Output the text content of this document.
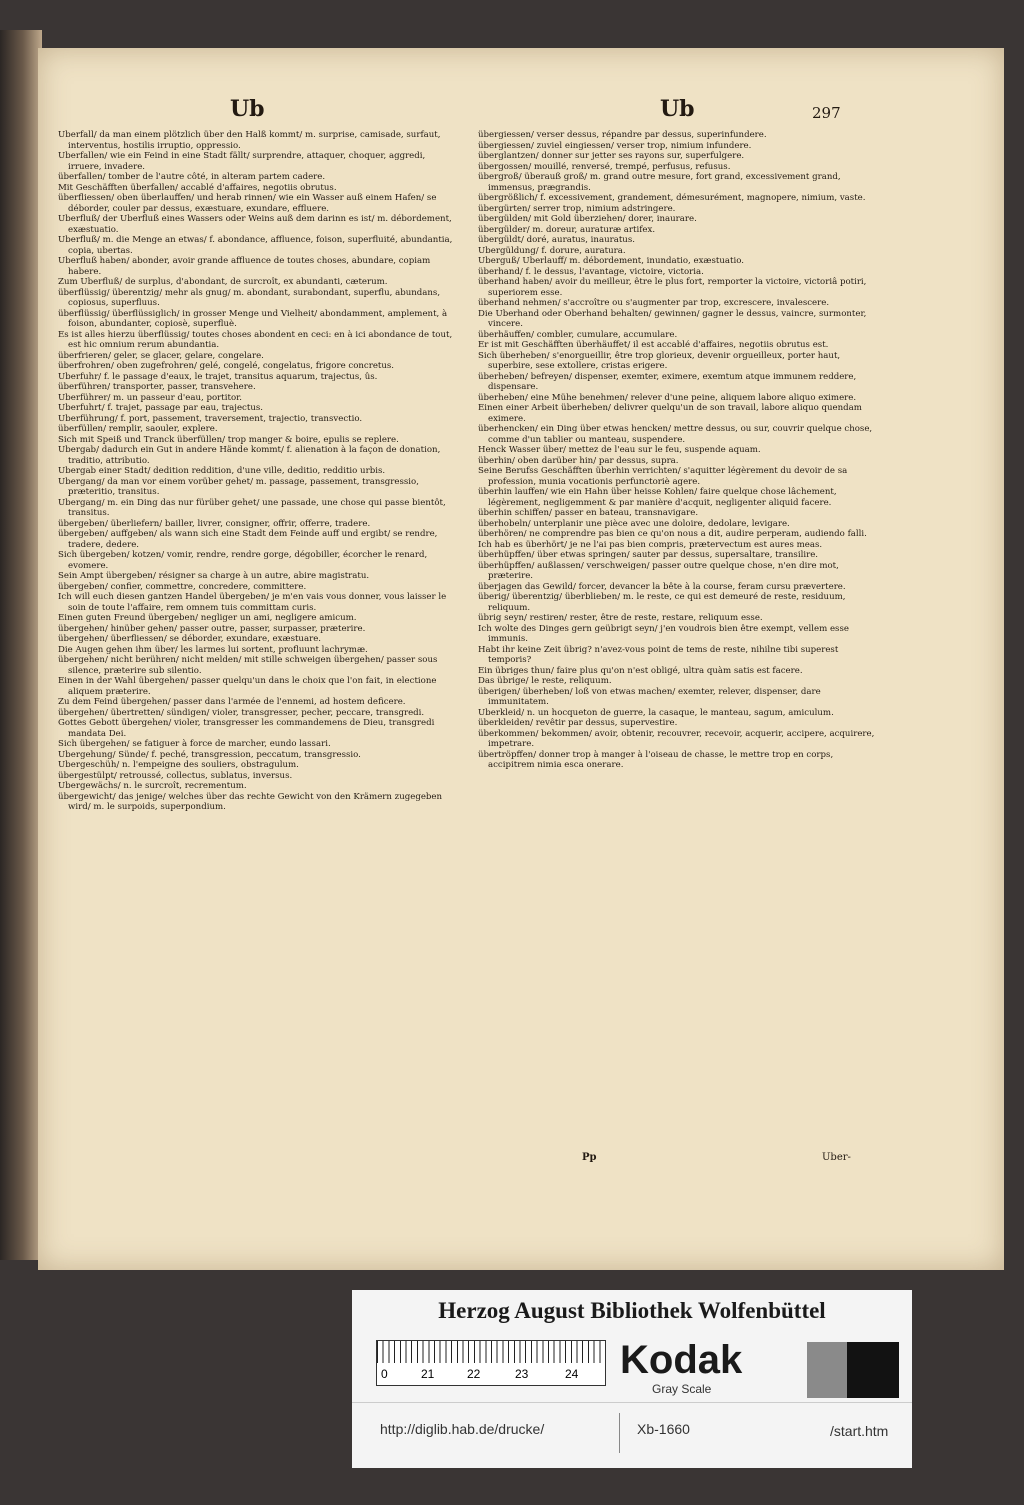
Ub	Ub	297

Uberfall/ da man einem plötzlich über den Halß kommt/ m. surprise, camisade, surfaut, interventus, hostilis irruptio, oppressio.

Uberfallen/ wie ein Feind in eine Stadt fällt/ surprendre, attaquer, choquer, aggredi, irruere, invadere.

überfallen/ tomber de l'autre côté, in alteram partem cadere.

Mit Geschäfften überfallen/ accablé d'affaires, negotiis obrutus.

überfliessen/ oben überlauffen/ und herab rinnen/ wie ein Wasser auß einem Hafen/ se déborder, couler par dessus, exæstuare, exundare, effluere.

Uberfluß/ der Uberfluß eines Wassers oder Weins auß dem darinn es ist/ m. débordement, exæstuatio.

Uberfluß/ m. die Menge an etwas/ f. abondance, affluence, foison, superfluité, abundantia, copia, ubertas.

Uberfluß haben/ abonder, avoir grande affluence de toutes choses, abundare, copiam habere.

Zum Uberfluß/ de surplus, d'abondant, de surcroît, ex abundanti, cæterum.

überflüssig/ überentzig/ mehr als gnug/ m. abondant, surabondant, superflu, abundans, copiosus, superfluus.

überflüssig/ überflüssiglich/ in grosser Menge und Vielheit/ abondamment, amplement, à foison, abundanter, copiosè, superfluè.

Es ist alles hierzu überflüssig/ toutes choses abondent en ceci: en à ici abondance de tout, est hic omnium rerum abundantia.

überfrieren/ geler, se glacer, gelare, congelare.

überfrohren/ oben zugefrohren/ gelé, congelé, congelatus, frigore concretus.

Uberfuhr/ f. le passage d'eaux, le trajet, transitus aquarum, trajectus, ûs.

überführen/ transporter, passer, transvehere.

Uberführer/ m. un passeur d'eau, portitor.

Uberfuhrt/ f. trajet, passage par eau, trajectus.

Uberführung/ f. port, passement, traversement, trajectio, transvectio.

überfüllen/ remplir, saouler, explere.

Sich mit Speiß und Tranck überfüllen/ trop manger & boire, epulis se replere.

Ubergab/ dadurch ein Gut in andere Hände kommt/ f. alienation à la façon de donation, traditio, attributio.

Ubergab einer Stadt/ dedition reddition, d'une ville, deditio, redditio urbis.

Ubergang/ da man vor einem vorüber gehet/ m. passage, passement, transgressio, præteritio, transitus.

Ubergang/ m. ein Ding das nur fürüber gehet/ une passade, une chose qui passe bientôt, transitus.

übergeben/ überliefern/ bailler, livrer, consigner, offrir, offerre, tradere.

übergeben/ auffgeben/ als wann sich eine Stadt dem Feinde auff und ergibt/ se rendre, tradere, dedere.

Sich übergeben/ kotzen/ vomir, rendre, rendre gorge, dégobiller, écorcher le renard, evomere.

Sein Ampt übergeben/ résigner sa charge à un autre, abire magistratu.

übergeben/ confier, commettre, concredere, committere.

Ich will euch diesen gantzen Handel übergeben/ je m'en vais vous donner, vous laisser le soin de toute l'affaire, rem omnem tuis committam curis.

Einen guten Freund übergeben/ negliger un ami, negligere amicum.

übergehen/ hinüber gehen/ passer outre, passer, surpasser, præterire.

übergehen/ überfliessen/ se déborder, exundare, exæstuare.

Die Augen gehen ihm über/ les larmes lui sortent, profluunt lachrymæ.

übergehen/ nicht berühren/ nicht melden/ mit stille schweigen übergehen/ passer sous silence, præterire sub silentio.

Einen in der Wahl übergehen/ passer quelqu'un dans le choix que l'on fait, in electione aliquem præterire.

Zu dem Feind übergehen/ passer dans l'armée de l'ennemi, ad hostem deficere.

übergehen/ übertretten/ sündigen/ violer, transgresser, pecher, peccare, transgredi.

Gottes Gebott übergehen/ violer, transgresser les commandemens de Dieu, transgredi mandata Dei.

Sich übergehen/ se fatiguer à force de marcher, eundo lassari.

Ubergehung/ Sünde/ f. peché, transgression, peccatum, transgressio.

Ubergeschüh/ n. l'empeigne des souliers, obstragulum.

übergestülpt/ retroussé, collectus, sublatus, inversus.

Ubergewächs/ n. le surcroît, recrementum.

übergewicht/ das jenige/ welches über das rechte Gewicht von den Krämern zugegeben wird/ m. le surpoids, superpondium.

übergiessen/ verser dessus, répandre par dessus, superinfundere.

übergiessen/ zuviel eingiessen/ verser trop, nimium infundere.

überglantzen/ donner sur jetter ses rayons sur, superfulgere.

übergossen/ mouillé, renversé, trempé, perfusus, refusus.

übergroß/ überauß groß/ m. grand outre mesure, fort grand, excessivement grand, immensus, prægrandis.

übergrößlich/ f. excessivement, grandement, démesurément, magnopere, nimium, vaste.

übergürten/ serrer trop, nimium adstringere.

übergülden/ mit Gold überziehen/ dorer, inaurare.

übergülder/ m. doreur, auraturæ artifex.

übergüldt/ doré, auratus, inauratus.

Ubergüldung/ f. dorure, auratura.

Uberguß/ Uberlauff/ m. débordement, inundatio, exæstuatio.

überhand/ f. le dessus, l'avantage, victoire, victoria.

überhand haben/ avoir du meilleur, être le plus fort, remporter la victoire, victoriâ potiri, superiorem esse.

überhand nehmen/ s'accroître ou s'augmenter par trop, excrescere, invalescere.

Die Uberhand oder Oberhand behalten/ gewinnen/ gagner le dessus, vaincre, surmonter, vincere.

überhäuffen/ combler, cumulare, accumulare.

Er ist mit Geschäfften überhäuffet/ il est accablé d'affaires, negotiis obrutus est.

Sich überheben/ s'enorgueillir, être trop glorieux, devenir orgueilleux, porter haut, superbire, sese extollere, cristas erigere.

überheben/ befreyen/ dispenser, exemter, eximere, exemtum atque immunem reddere, dispensare.

überheben/ eine Mühe benehmen/ relever d'une peine, aliquem labore aliquo eximere.

Einen einer Arbeit überheben/ delivrer quelqu'un de son travail, labore aliquo quendam eximere.

überhencken/ ein Ding über etwas hencken/ mettre dessus, ou sur, couvrir quelque chose, comme d'un tablier ou manteau, suspendere.

Henck Wasser über/ mettez de l'eau sur le feu, suspende aquam.

überhin/ oben darüber hin/ par dessus, supra.

Seine Berufss Geschäfften überhin verrichten/ s'aquitter légèrement du devoir de sa profession, munia vocationis perfunctoriè agere.

überhin lauffen/ wie ein Hahn über heisse Kohlen/ faire quelque chose lâchement, légèrement, negligemment & par manière d'acquit, negligenter aliquid facere.

überhin schiffen/ passer en bateau, transnavigare.

überhobeln/ unterplanir une pièce avec une doloire, dedolare, levigare.

überhören/ ne comprendre pas bien ce qu'on nous a dit, audire perperam, audiendo falli.

Ich hab es überhört/ je ne l'ai pas bien compris, prætervectum est aures meas.

überhüpffen/ über etwas springen/ sauter par dessus, supersaltare, transilire.

überhüpffen/ außlassen/ verschweigen/ passer outre quelque chose, n'en dire mot, præterire.

überjagen das Gewild/ forcer, devancer la bête à la course, feram cursu prævertere.

überig/ überentzig/ überblieben/ m. le reste, ce qui est demeuré de reste, residuum, reliquum.

übrig seyn/ restiren/ rester, être de reste, restare, reliquum esse.

Ich wolte des Dinges gern geübrigt seyn/ j'en voudrois bien être exempt, vellem esse immunis.

Habt ihr keine Zeit übrig? n'avez-vous point de tems de reste, nihilne tibi superest temporis?

Ein übriges thun/ faire plus qu'on n'est obligé, ultra quàm satis est facere.

Das übrige/ le reste, reliquum.

überigen/ überheben/ loß von etwas machen/ exemter, relever, dispenser, dare immunitatem.

Uberkleid/ n. un hocqueton de guerre, la casaque, le manteau, sagum, amiculum.

überkleiden/ revêtir par dessus, supervestire.

überkommen/ bekommen/ avoir, obtenir, recouvrer, recevoir, acquerir, accipere, acquirere, impetrare.

übertröpffen/ donner trop à manger à l'oiseau de chasse, le mettre trop en corps, accipitrem nimia esca onerare.

Pp	Uber-
Herzog August Bibliothek Wolfenbüttel
0	21	22	23	24 Kodak
Gray Scale
http://diglib.hab.de/drucke/	Xb-1660	/start.htm
